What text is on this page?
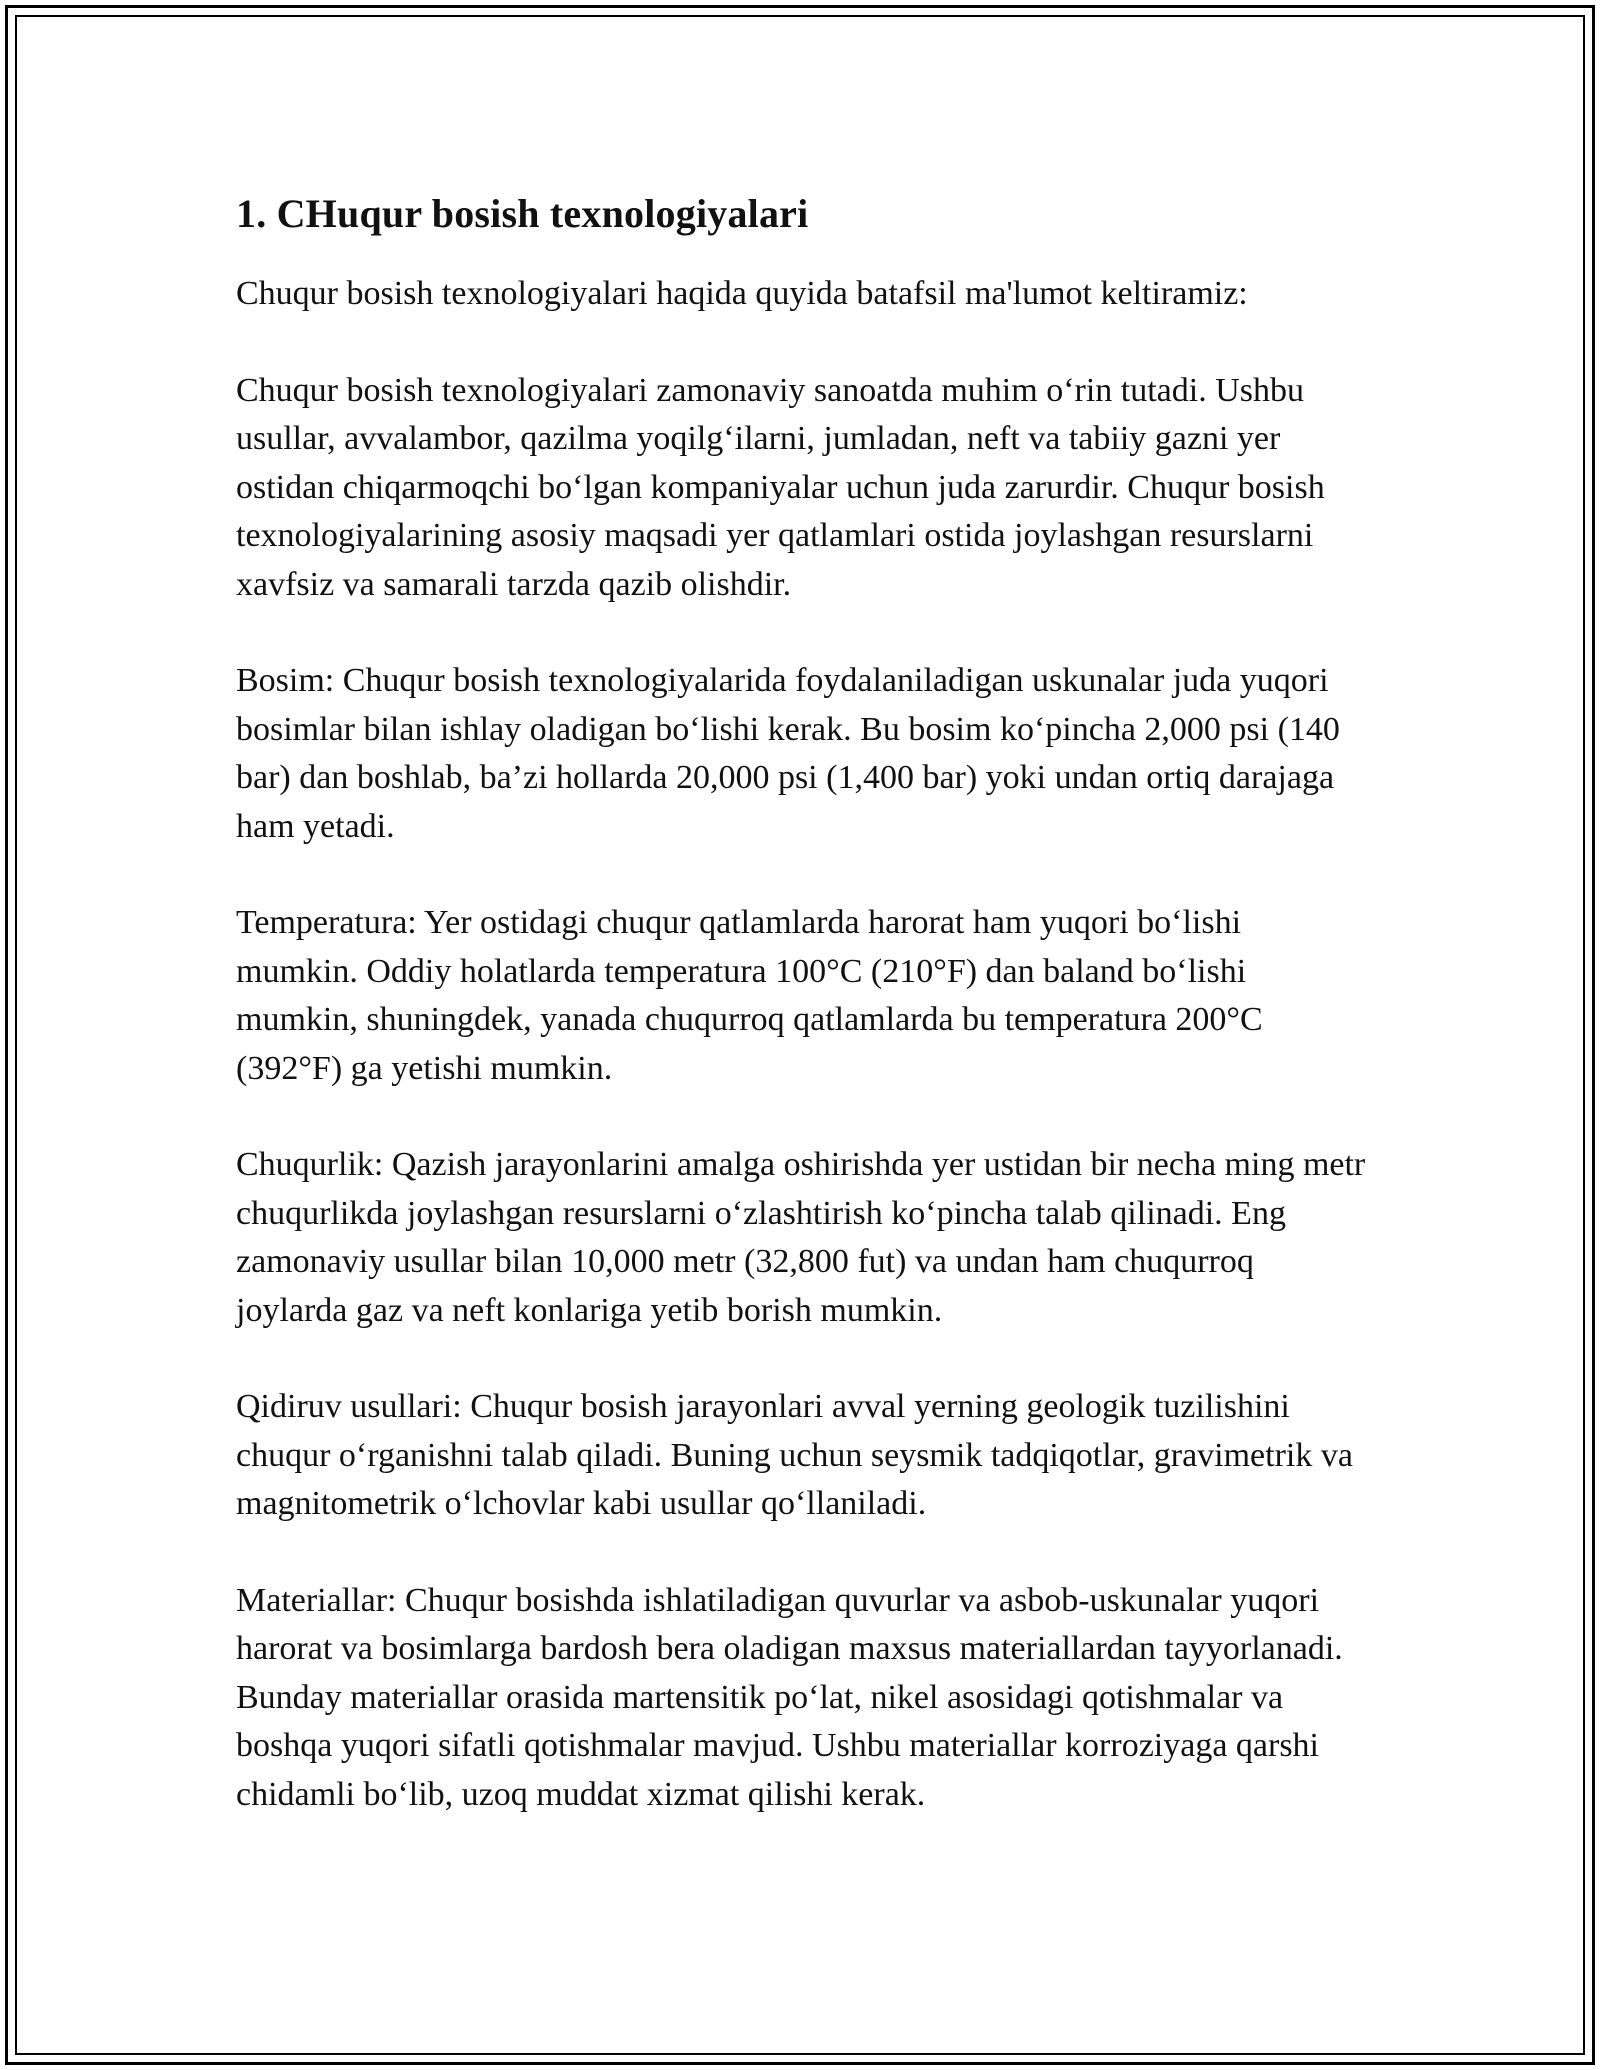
1. CHuqur bosish texnologiyalari

Chuqur bosish texnologiyalari haqida quyida batafsil ma'lumot keltiramiz:

Chuqur bosish texnologiyalari zamonaviy sanoatda muhim o‘rin tutadi. Ushbu usullar, avvalambor, qazilma yoqilg‘ilarni, jumladan, neft va tabiiy gazni yer ostidan chiqarmoqchi bo‘lgan kompaniyalar uchun juda zarurdir. Chuqur bosish texnologiyalarining asosiy maqsadi yer qatlamlari ostida joylashgan resurslarni xavfsiz va samarali tarzda qazib olishdir.

Bosim: Chuqur bosish texnologiyalarida foydalaniladigan uskunalar juda yuqori bosimlar bilan ishlay oladigan bo‘lishi kerak. Bu bosim ko‘pincha 2,000 psi (140 bar) dan boshlab, ba’zi hollarda 20,000 psi (1,400 bar) yoki undan ortiq darajaga ham yetadi.

Temperatura: Yer ostidagi chuqur qatlamlarda harorat ham yuqori bo‘lishi mumkin. Oddiy holatlarda temperatura 100°C (210°F) dan baland bo‘lishi mumkin, shuningdek, yanada chuqurroq qatlamlarda bu temperatura 200°C (392°F) ga yetishi mumkin.

Chuqurlik: Qazish jarayonlarini amalga oshirishda yer ustidan bir necha ming metr chuqurlikda joylashgan resurslarni o‘zlashtirish ko‘pincha talab qilinadi. Eng zamonaviy usullar bilan 10,000 metr (32,800 fut) va undan ham chuqurroq joylarda gaz va neft konlariga yetib borish mumkin.

Qidiruv usullari: Chuqur bosish jarayonlari avval yerning geologik tuzilishini chuqur o‘rganishni talab qiladi. Buning uchun seysmik tadqiqotlar, gravimetrik va magnitometrik o‘lchovlar kabi usullar qo‘llaniladi.

Materiallar: Chuqur bosishda ishlatiladigan quvurlar va asbob-uskunalar yuqori harorat va bosimlarga bardosh bera oladigan maxsus materiallardan tayyorlanadi. Bunday materiallar orasida martensitik po‘lat, nikel asosidagi qotishmalar va boshqa yuqori sifatli qotishmalar mavjud. Ushbu materiallar korroziyaga qarshi chidamli bo‘lib, uzoq muddat xizmat qilishi kerak.
